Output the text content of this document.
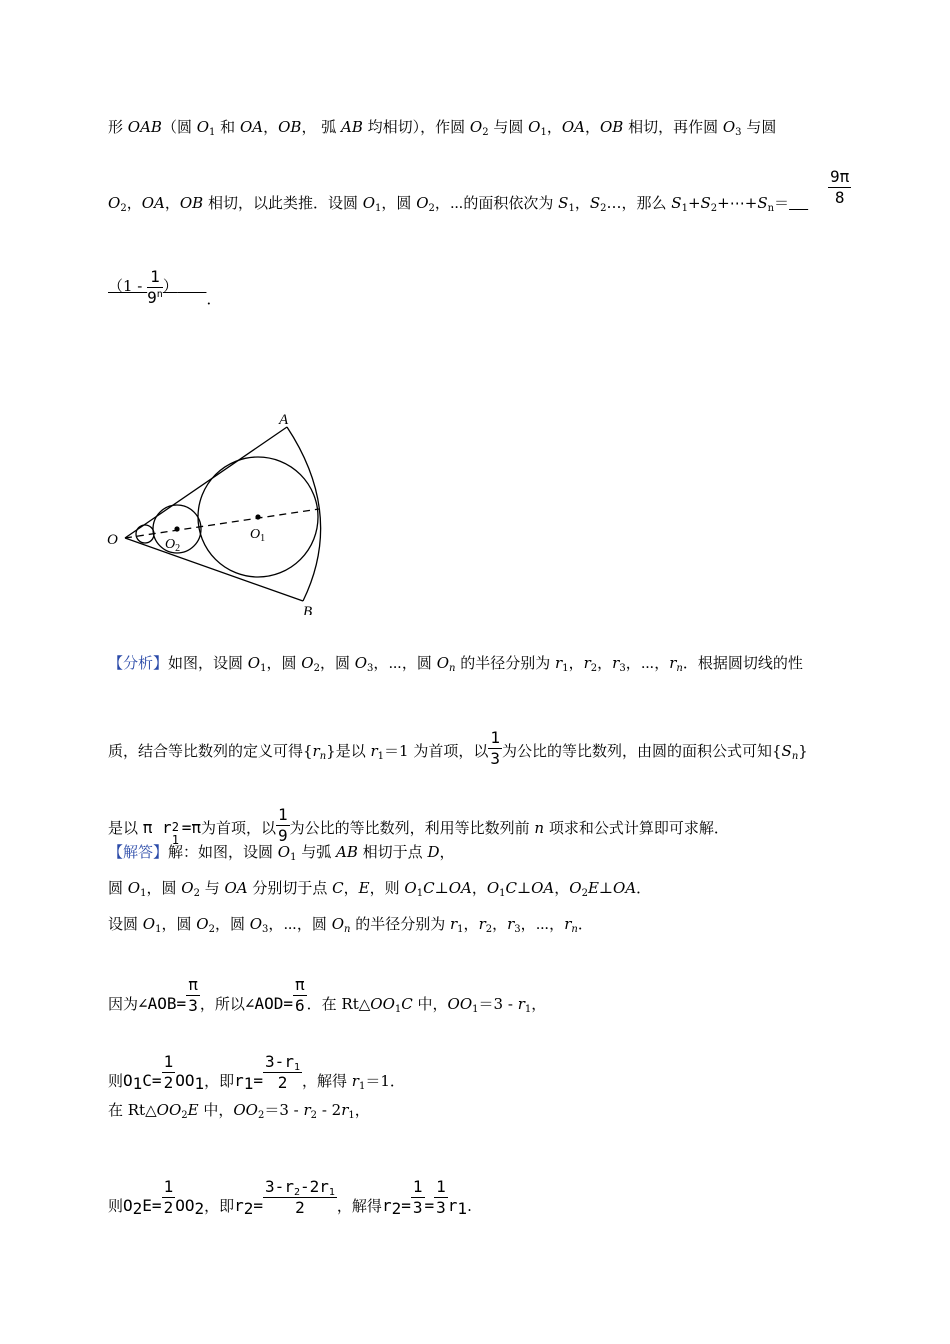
形 OAB（圆 $O_1$ 和 OA，OB， 弧 AB 均相切），作圆 $O_2$ 与圆 $O_1$，OA，OB 相切，再作圆 $O_3$ 与圆
$O_2$，OA，OB 相切，以此类推．设圆 $O_1$，圆 $O_2$，⋯的面积依次为 $S_1$，$S_2\dots$，那么 $S_1+S_2+\cdots+S_n=$	$\frac{9\pi}{8}$
（$1 - \frac{1}{9^n}$ ）      ．
A
B
O	$O_1$
$O_2$
【分析】如图，设圆 $O_1$，圆 $O_2$，圆 $O_3$，⋯，圆 $O_n$ 的半径分别为 $r_1$，$r_2$，$r_3$，⋯，$r_n$．根据圆切线的性
质，结合等比数列的定义可得$\{r_n\}$是以 $r_1=1$ 为首项，以 $\frac{1}{3}$ 为公比的等比数列，由圆的面积公式可知$\{S_n\}$
是以 π r 2
1
=π为首项，以 $\frac{1}{9}$ 为公比的等比数列，利用等比数列前 n 项求和公式计算即可求解．
【解答】解：如图，设圆 $O_1$ 与弧 AB 相切于点 D，
圆 $O_1$，圆 $O_2$ 与 OA 分别切于点 C，E，则 $O_1C\perp OA$，$O_1C\perp OA$，$O_2E\perp OA$．
设圆 $O_1$，圆 $O_2$，圆 $O_3$，⋯，圆 $O_n$ 的半径分别为 $r_1$，$r_2$，$r_3$，⋯，$r_n$．
因为∠AOB= $\frac{\pi}{3}$ ，所以∠AOD= $\frac{\pi}{6}$ ．在 $Rt\triangle OO_1C$ 中，$OO_1=3 - r_1$，
则$O_1C= \frac{1}{2} OO_1$，即$r_1= \frac{3-r_1}{2}$ ，解得 $r_1=1$．
在 $Rt\triangle OO_2E$ 中，$OO_2=3 - r_2 - 2r_1$，
则$O_2E= \frac{1}{2} OO_2$，即$r_2= \frac{3-r_2-2r_1}{2}$ ，解得$r_2= \frac{1}{3} = \frac{1}{3} r_1$.
